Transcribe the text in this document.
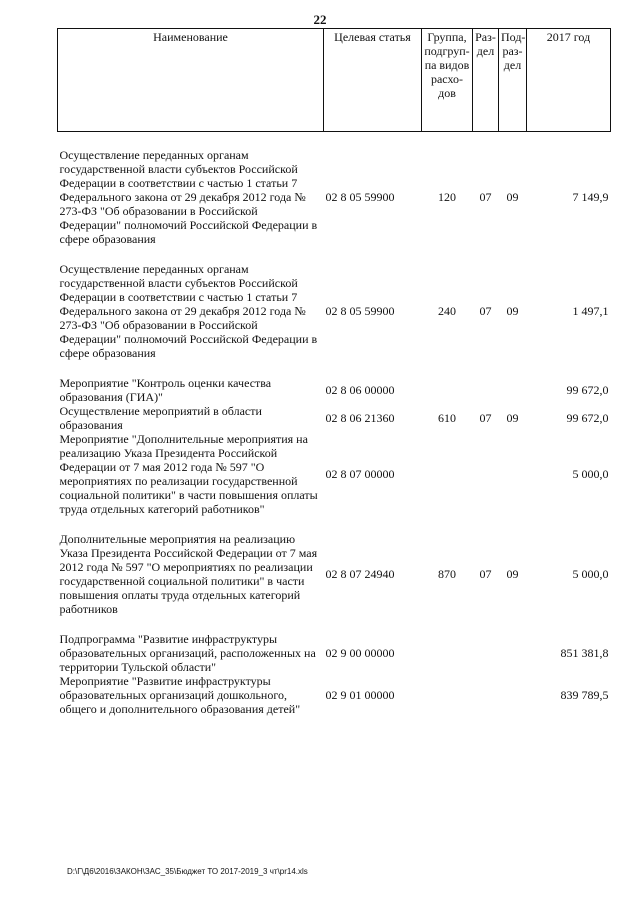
22
Наименование	Целевая статья	Группа, подгруп-па видов расхо-дов	Раз-дел	Под-раз-дел	2017 год

Осуществление переданных органам государственной власти субъектов Российской Федерации в соответствии с частью 1 статьи 7 Федерального закона от 29 декабря 2012 года № 273-ФЗ "Об образовании в Российской Федерации" полномочий Российской Федерации в сфере образования	02 8 05 59900	120	07	09	7 149,9

Осуществление переданных органам государственной власти субъектов Российской Федерации в соответствии с частью 1 статьи 7 Федерального закона от 29 декабря 2012 года № 273-ФЗ "Об образовании в Российской Федерации" полномочий Российской Федерации в сфере образования	02 8 05 59900	240	07	09	1 497,1

Мероприятие "Контроль оценки качества образования (ГИА)"	02 8 06 00000				99 672,0
Осуществление мероприятий в области образования	02 8 06 21360	610	07	09	99 672,0
Мероприятие "Дополнительные мероприятия на реализацию Указа Президента Российской Федерации от 7 мая 2012 года № 597 "О мероприятиях по реализации государственной социальной политики" в части повышения оплаты труда отдельных категорий работников"	02 8 07 00000				5 000,0

Дополнительные мероприятия на реализацию Указа Президента Российской Федерации от 7 мая 2012 года № 597 "О мероприятиях по реализации государственной социальной политики" в части повышения оплаты труда отдельных категорий работников	02 8 07 24940	870	07	09	5 000,0

Подпрограмма "Развитие инфраструктуры образовательных организаций, расположенных на территории Тульской области"	02 9 00 00000				851 381,8
Мероприятие "Развитие инфраструктуры образовательных организаций дошкольного, общего и дополнительного образования детей"	02 9 01 00000				839 789,5
D:\Г\Д6\2016\ЗАКОН\ЗАС_35\Бюджет ТО 2017-2019_3 чт\pr14.xls
